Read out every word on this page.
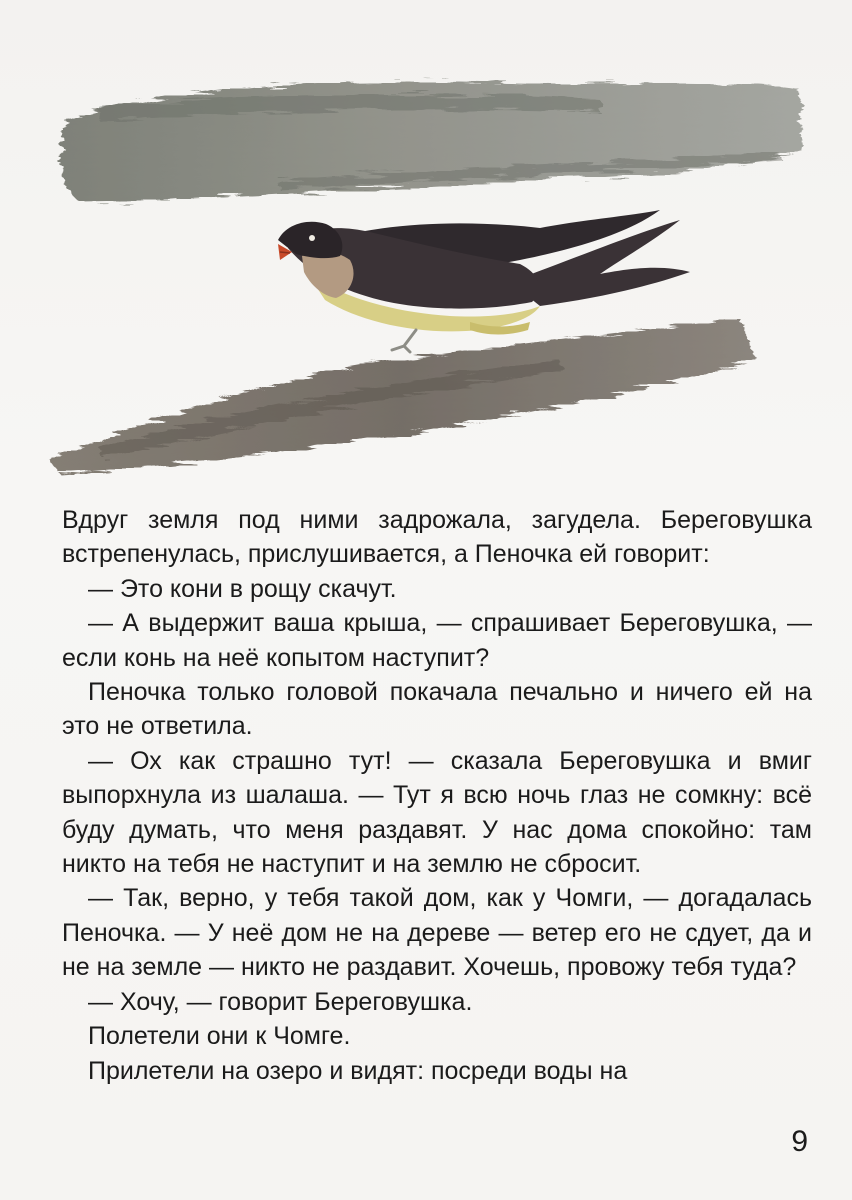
Вдруг земля под ними задрожала, загудела. Береговушка встрепенулась, прислушивается, а Пеночка ей говорит:

— Это кони в рощу скачут.

— А выдержит ваша крыша, — спрашивает Береговушка, — если конь на неё копытом наступит?

Пеночка только головой покачала печально и ничего ей на это не ответила.

— Ох как страшно тут! — сказала Береговушка и вмиг выпорхнула из шалаша. — Тут я всю ночь глаз не сомкну: всё буду думать, что меня раздавят. У нас дома спокойно: там никто на тебя не наступит и на землю не сбросит.

— Так, верно, у тебя такой дом, как у Чомги, — догадалась Пеночка. — У неё дом не на дереве — ветер его не сдует, да и не на земле — никто не раздавит. Хочешь, провожу тебя туда?

— Хочу, — говорит Береговушка.

Полетели они к Чомге.

Прилетели на озеро и видят: посреди воды на

9
